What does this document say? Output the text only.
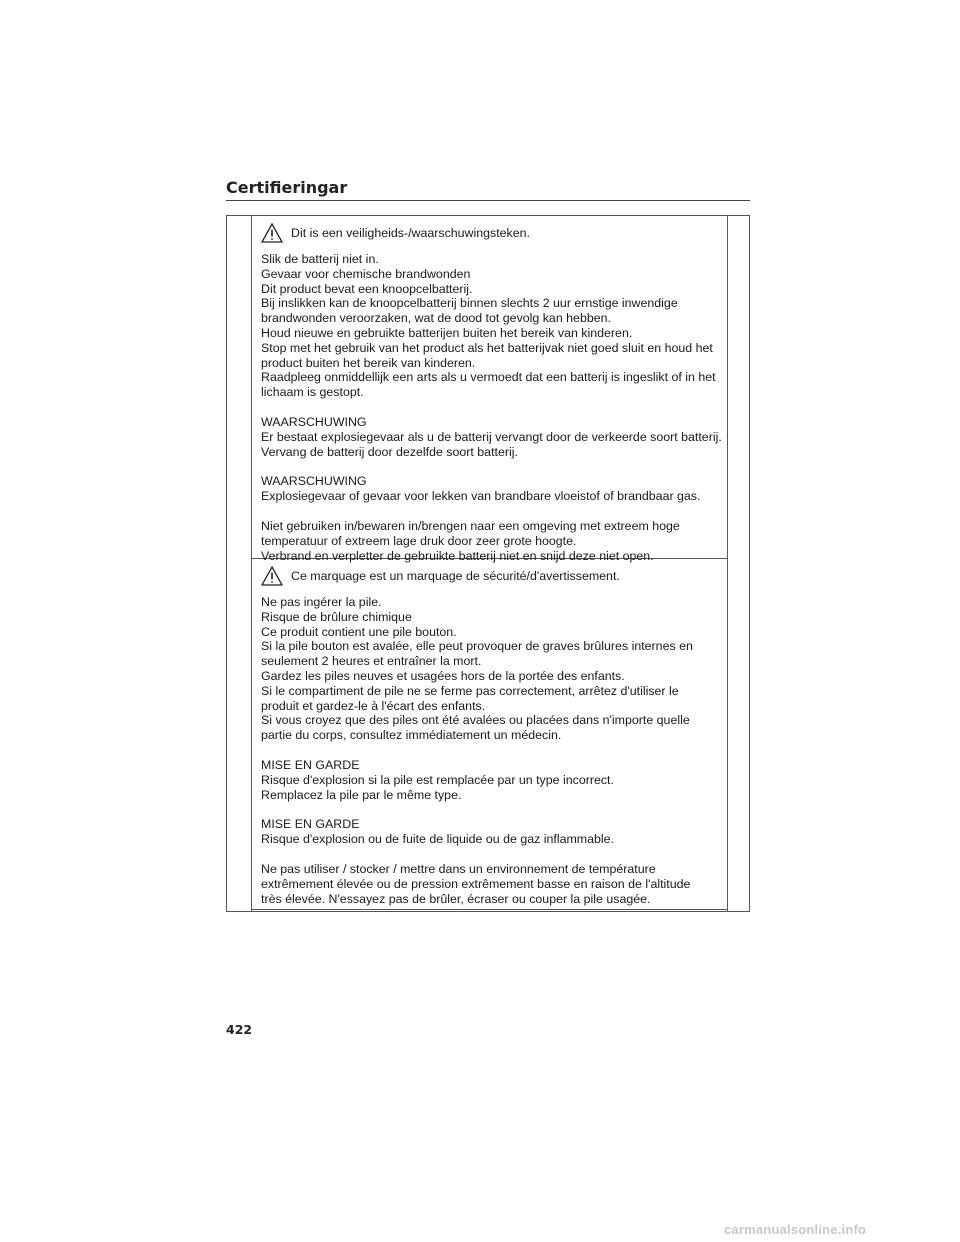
Certifieringar
Dit is een veiligheids-/waarschuwingsteken.
Slik de batterij niet in.
Gevaar voor chemische brandwonden
Dit product bevat een knoopcelbatterij.
Bij inslikken kan de knoopcelbatterij binnen slechts 2 uur ernstige inwendige
brandwonden veroorzaken, wat de dood tot gevolg kan hebben.
Houd nieuwe en gebruikte batterijen buiten het bereik van kinderen.
Stop met het gebruik van het product als het batterijvak niet goed sluit en houd het
product buiten het bereik van kinderen.
Raadpleeg onmiddellijk een arts als u vermoedt dat een batterij is ingeslikt of in het
lichaam is gestopt.
WAARSCHUWING
Er bestaat explosiegevaar als u de batterij vervangt door de verkeerde soort batterij.
Vervang de batterij door dezelfde soort batterij.
WAARSCHUWING
Explosiegevaar of gevaar voor lekken van brandbare vloeistof of brandbaar gas.
Niet gebruiken in/bewaren in/brengen naar een omgeving met extreem hoge
temperatuur of extreem lage druk door zeer grote hoogte.
Verbrand en verpletter de gebruikte batterij niet en snijd deze niet open.
Ce marquage est un marquage de sécurité/d'avertissement.
Ne pas ingérer la pile.
Risque de brûlure chimique
Ce produit contient une pile bouton.
Si la pile bouton est avalée, elle peut provoquer de graves brûlures internes en
seulement 2 heures et entraîner la mort.
Gardez les piles neuves et usagées hors de la portée des enfants.
Si le compartiment de pile ne se ferme pas correctement, arrêtez d'utiliser le
produit et gardez-le à l'écart des enfants.
Si vous croyez que des piles ont été avalées ou placées dans n'importe quelle
partie du corps, consultez immédiatement un médecin.
MISE EN GARDE
Risque d'explosion si la pile est remplacée par un type incorrect.
Remplacez la pile par le même type.
MISE EN GARDE
Risque d'explosion ou de fuite de liquide ou de gaz inflammable.
Ne pas utiliser / stocker / mettre dans un environnement de température
extrêmement élevée ou de pression extrêmement basse en raison de l'altitude
très élevée. N'essayez pas de brûler, écraser ou couper la pile usagée.
422
carmanualsonline.info
